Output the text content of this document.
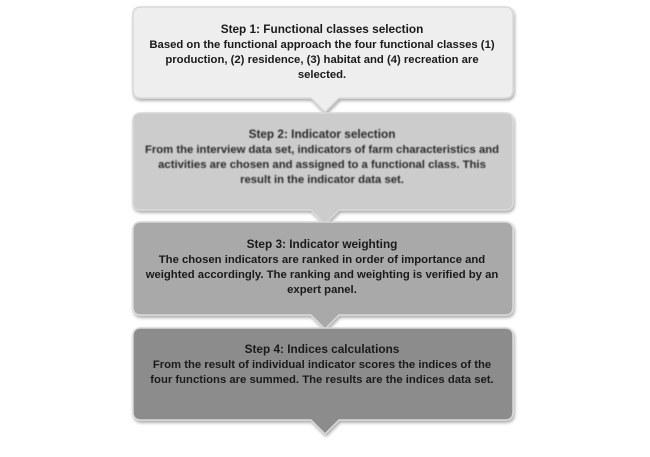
Step 1: Functional classes selection
Based on the functional approach the four functional classes (1) production, (2) residence, (3) habitat and (4) recreation are selected.
Step 2: Indicator selection
From the interview data set, indicators of farm characteristics and activities are chosen and assigned to a functional class. This result in the indicator data set.
Step 3: Indicator weighting
The chosen indicators are ranked in order of importance and weighted accordingly. The ranking and weighting is verified by an expert panel.
Step 4: Indices calculations
From the result of individual indicator scores the indices of the four functions are summed. The results are the indices data set.
